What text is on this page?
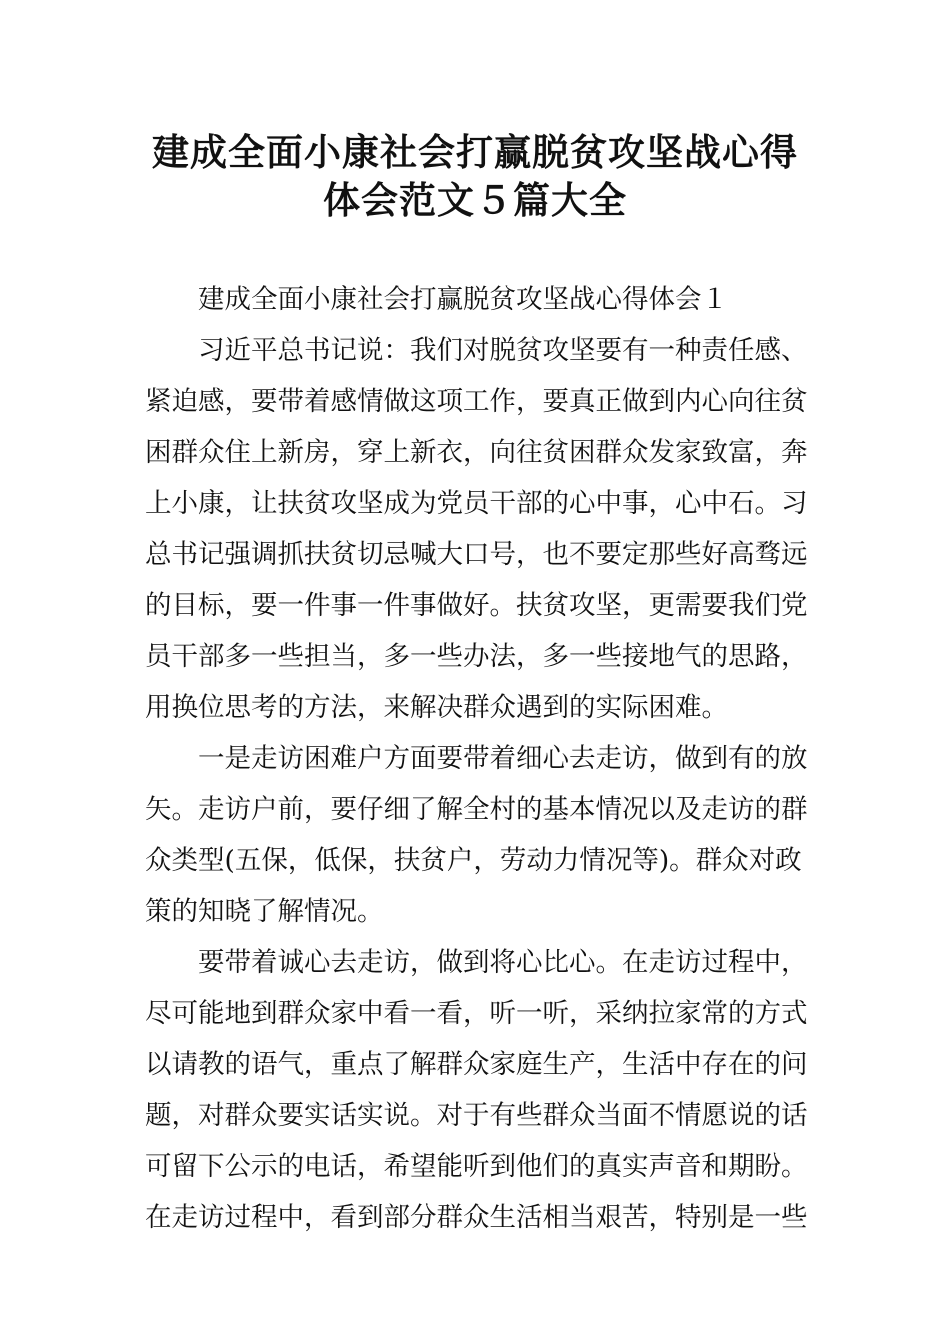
建成全面小康社会打赢脱贫攻坚战心得
体会范文５篇大全
建成全面小康社会打赢脱贫攻坚战心得体会１
习近平总书记说：我们对脱贫攻坚要有一种责任感、
紧迫感，要带着感情做这项工作，要真正做到内心向往贫
困群众住上新房，穿上新衣，向往贫困群众发家致富，奔
上小康，让扶贫攻坚成为党员干部的心中事，心中石。习
总书记强调抓扶贫切忌喊大口号，也不要定那些好高骛远
的目标，要一件事一件事做好。扶贫攻坚，更需要我们党
员干部多一些担当，多一些办法，多一些接地气的思路，
用换位思考的方法，来解决群众遇到的实际困难。
一是走访困难户方面要带着细心去走访，做到有的放
矢。走访户前，要仔细了解全村的基本情况以及走访的群
众类型(五保，低保，扶贫户，劳动力情况等)。群众对政
策的知晓了解情况。
要带着诚心去走访，做到将心比心。在走访过程中，
尽可能地到群众家中看一看，听一听，采纳拉家常的方式
以请教的语气，重点了解群众家庭生产，生活中存在的问
题，对群众要实话实说。对于有些群众当面不情愿说的话
可留下公示的电话，希望能听到他们的真实声音和期盼。
在走访过程中，看到部分群众生活相当艰苦，特别是一些
